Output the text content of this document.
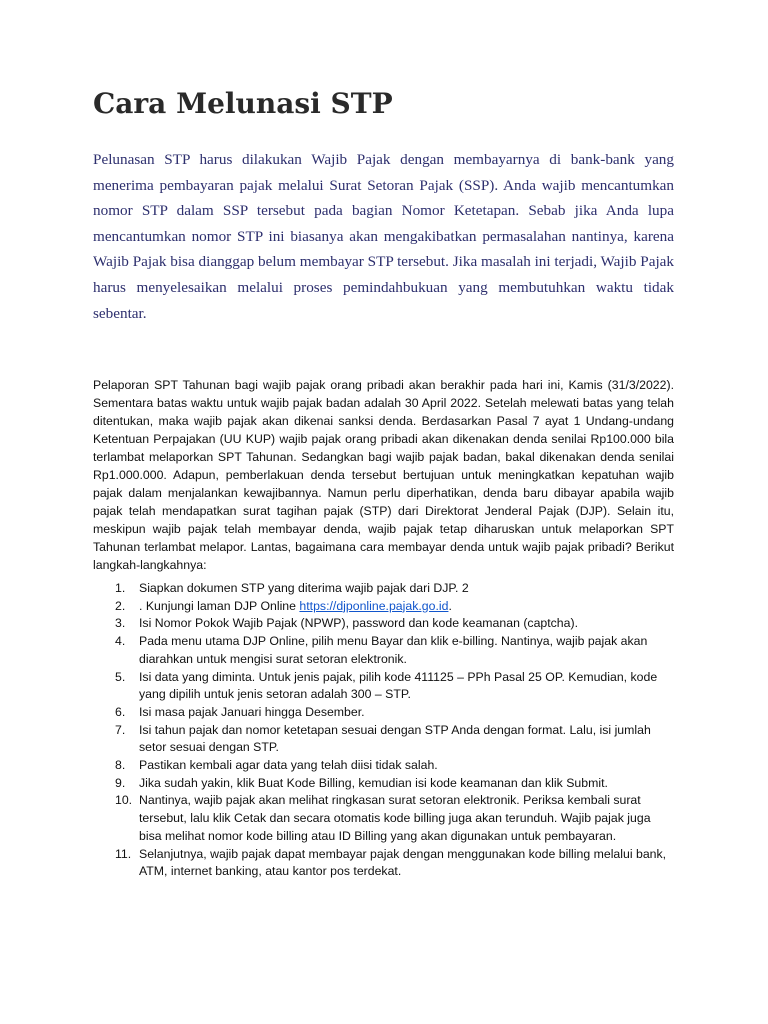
Cara Melunasi STP

Pelunasan STP harus dilakukan Wajib Pajak dengan membayarnya di bank-bank yang menerima pembayaran pajak melalui Surat Setoran Pajak (SSP). Anda wajib mencantumkan nomor STP dalam SSP tersebut pada bagian Nomor Ketetapan. Sebab jika Anda lupa mencantumkan nomor STP ini biasanya akan mengakibatkan permasalahan nantinya, karena Wajib Pajak bisa dianggap belum membayar STP tersebut. Jika masalah ini terjadi, Wajib Pajak harus menyelesaikan melalui proses pemindahbukuan yang membutuhkan waktu tidak sebentar.

Pelaporan SPT Tahunan bagi wajib pajak orang pribadi akan berakhir pada hari ini, Kamis (31/3/2022). Sementara batas waktu untuk wajib pajak badan adalah 30 April 2022. Setelah melewati batas yang telah ditentukan, maka wajib pajak akan dikenai sanksi denda. Berdasarkan Pasal 7 ayat 1 Undang-undang Ketentuan Perpajakan (UU KUP) wajib pajak orang pribadi akan dikenakan denda senilai Rp100.000 bila terlambat melaporkan SPT Tahunan. Sedangkan bagi wajib pajak badan, bakal dikenakan denda senilai Rp1.000.000. Adapun, pemberlakuan denda tersebut bertujuan untuk meningkatkan kepatuhan wajib pajak dalam menjalankan kewajibannya. Namun perlu diperhatikan, denda baru dibayar apabila wajib pajak telah mendapatkan surat tagihan pajak (STP) dari Direktorat Jenderal Pajak (DJP). Selain itu, meskipun wajib pajak telah membayar denda, wajib pajak tetap diharuskan untuk melaporkan SPT Tahunan terlambat melapor. Lantas, bagaimana cara membayar denda untuk wajib pajak pribadi? Berikut langkah-langkahnya:

1. Siapkan dokumen STP yang diterima wajib pajak dari DJP. 2
2. . Kunjungi laman DJP Online https://djponline.pajak.go.id.
3. Isi Nomor Pokok Wajib Pajak (NPWP), password dan kode keamanan (captcha).
4. Pada menu utama DJP Online, pilih menu Bayar dan klik e-billing. Nantinya, wajib pajak akan diarahkan untuk mengisi surat setoran elektronik.
5. Isi data yang diminta. Untuk jenis pajak, pilih kode 411125 – PPh Pasal 25 OP. Kemudian, kode yang dipilih untuk jenis setoran adalah 300 – STP.
6. Isi masa pajak Januari hingga Desember.
7. Isi tahun pajak dan nomor ketetapan sesuai dengan STP Anda dengan format. Lalu, isi jumlah setor sesuai dengan STP.
8. Pastikan kembali agar data yang telah diisi tidak salah.
9. Jika sudah yakin, klik Buat Kode Billing, kemudian isi kode keamanan dan klik Submit.
10. Nantinya, wajib pajak akan melihat ringkasan surat setoran elektronik. Periksa kembali surat tersebut, lalu klik Cetak dan secara otomatis kode billing juga akan terunduh. Wajib pajak juga bisa melihat nomor kode billing atau ID Billing yang akan digunakan untuk pembayaran.
11. Selanjutnya, wajib pajak dapat membayar pajak dengan menggunakan kode billing melalui bank, ATM, internet banking, atau kantor pos terdekat.
